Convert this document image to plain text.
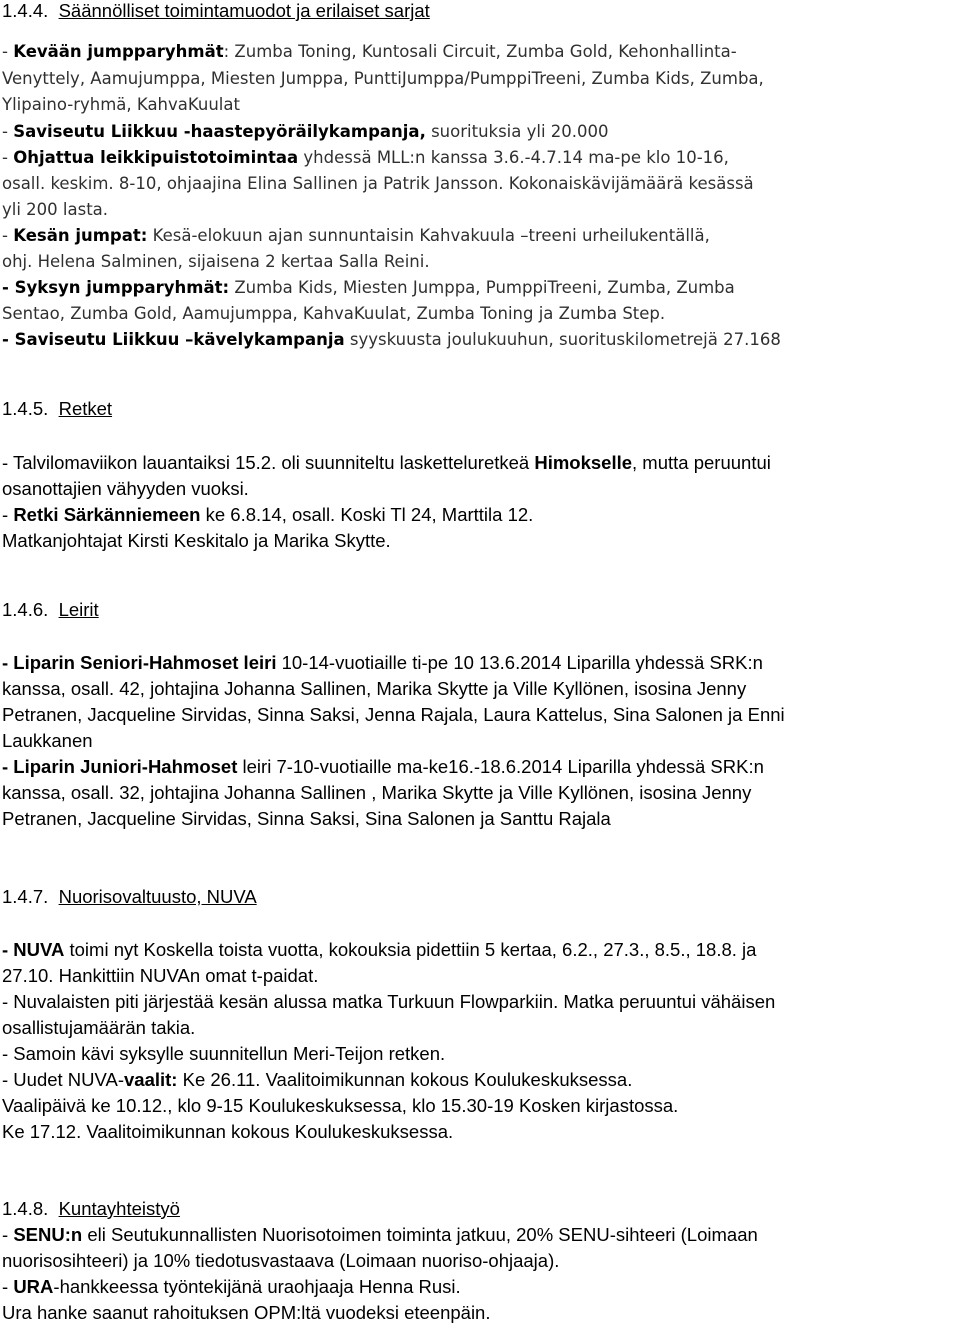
1.4.4. Säännölliset toimintamuodot ja erilaiset sarjat
- Kevään jumpparyhmät: Zumba Toning, Kuntosali Circuit, Zumba Gold, Kehonhallinta-
Venyttely, Aamujumppa, Miesten Jumppa, PunttiJumppa/PumppiTreeni, Zumba Kids, Zumba,
Ylipaino-ryhmä, KahvaKuulat
- Saviseutu Liikkuu -haastepyöräilykampanja, suorituksia yli 20.000
- Ohjattua leikkipuistotoimintaa yhdessä MLL:n kanssa 3.6.-4.7.14 ma-pe klo 10-16,
osall. keskim. 8-10, ohjaajina Elina Sallinen ja Patrik Jansson. Kokonaiskävijämäärä kesässä
yli 200 lasta.
- Kesän jumpat: Kesä-elokuun ajan sunnuntaisin Kahvakuula –treeni urheilukentällä,
ohj. Helena Salminen, sijaisena 2 kertaa Salla Reini.
- Syksyn jumpparyhmät: Zumba Kids, Miesten Jumppa, PumppiTreeni, Zumba, Zumba
Sentao, Zumba Gold, Aamujumppa, KahvaKuulat, Zumba Toning ja Zumba Step.
- Saviseutu Liikkuu –kävelykampanja syyskuusta joulukuuhun, suorituskilometrejä 27.168
1.4.5. Retket
- Talvilomaviikon lauantaiksi 15.2. oli suunniteltu lasketteluretkeä Himokselle, mutta peruuntui
osanottajien vähyyden vuoksi.
- Retki Särkänniemeen ke 6.8.14, osall. Koski Tl 24, Marttila 12.
Matkanjohtajat Kirsti Keskitalo ja Marika Skytte.
1.4.6. Leirit
- Liparin Seniori-Hahmoset leiri 10-14-vuotiaille ti-pe 10 13.6.2014 Liparilla yhdessä SRK:n
kanssa, osall. 42, johtajina Johanna Sallinen, Marika Skytte ja Ville Kyllönen, isosina Jenny
Petranen, Jacqueline Sirvidas, Sinna Saksi, Jenna Rajala, Laura Kattelus, Sina Salonen ja Enni
Laukkanen
- Liparin Juniori-Hahmoset leiri 7-10-vuotiaille ma-ke16.-18.6.2014 Liparilla yhdessä SRK:n
kanssa, osall. 32, johtajina Johanna Sallinen , Marika Skytte ja Ville Kyllönen, isosina Jenny
Petranen, Jacqueline Sirvidas, Sinna Saksi, Sina Salonen ja Santtu Rajala
1.4.7. Nuorisovaltuusto, NUVA
- NUVA toimi nyt Koskella toista vuotta, kokouksia pidettiin 5 kertaa, 6.2., 27.3., 8.5., 18.8. ja
27.10. Hankittiin NUVAn omat t-paidat.
- Nuvalaisten piti järjestää kesän alussa matka Turkuun Flowparkiin. Matka peruuntui vähäisen
osallistujamäärän takia.
- Samoin kävi syksylle suunnitellun Meri-Teijon retken.
- Uudet NUVA-vaalit: Ke 26.11. Vaalitoimikunnan kokous Koulukeskuksessa.
Vaalipäivä ke 10.12., klo 9-15 Koulukeskuksessa, klo 15.30-19 Kosken kirjastossa.
Ke 17.12. Vaalitoimikunnan kokous Koulukeskuksessa.
1.4.8. Kuntayhteistyö
- SENU:n eli Seutukunnallisten Nuorisotoimen toiminta jatkuu, 20% SENU-sihteeri (Loimaan
nuorisosihteeri) ja 10% tiedotusvastaava (Loimaan nuoriso-ohjaaja).
- URA-hankkeessa työntekijänä uraohjaaja Henna Rusi.
Ura hanke saanut rahoituksen OPM:ltä vuodeksi eteenpäin.
